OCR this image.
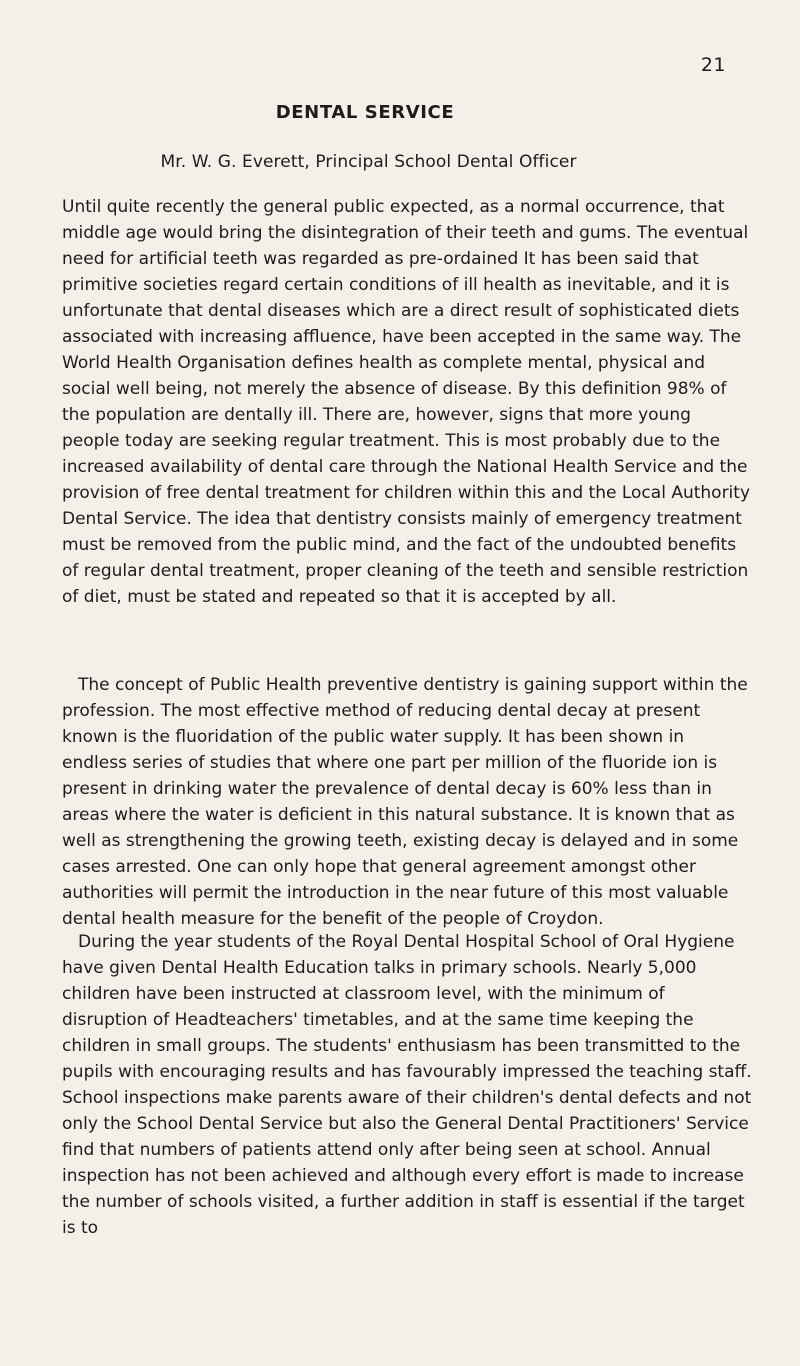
21
DENTAL SERVICE
Mr. W. G. Everett, Principal School Dental Officer

Until quite recently the general public expected, as a normal occurrence, that middle age would bring the disintegration of their teeth and gums. The eventual need for artificial teeth was regarded as pre-ordained It has been said that primitive societies regard certain conditions of ill health as inevitable, and it is unfortunate that dental diseases which are a direct result of sophisticated diets associated with increasing affluence, have been accepted in the same way. The World Health Organisation defines health as complete mental, physical and social well being, not merely the absence of disease. By this definition 98% of the population are dentally ill. There are, however, signs that more young people today are seeking regular treatment. This is most probably due to the increased availability of dental care through the National Health Service and the provision of free dental treatment for children within this and the Local Authority Dental Service. The idea that dentistry consists mainly of emergency treatment must be removed from the public mind, and the fact of the undoubted benefits of regular dental treatment, proper cleaning of the teeth and sensible restriction of diet, must be stated and repeated so that it is accepted by all.

The concept of Public Health preventive dentistry is gaining support within the profession. The most effective method of reducing dental decay at present known is the fluoridation of the public water supply. It has been shown in endless series of studies that where one part per million of the fluoride ion is present in drinking water the prevalence of dental decay is 60% less than in areas where the water is deficient in this natural substance. It is known that as well as strengthening the growing teeth, existing decay is delayed and in some cases arrested. One can only hope that general agreement amongst other authorities will permit the introduction in the near future of this most valuable dental health measure for the benefit of the people of Croydon.

During the year students of the Royal Dental Hospital School of Oral Hygiene have given Dental Health Education talks in primary schools. Nearly 5,000 children have been instructed at classroom level, with the minimum of disruption of Headteachers' timetables, and at the same time keeping the children in small groups. The students' enthusiasm has been transmitted to the pupils with encouraging results and has favourably impressed the teaching staff. School inspections make parents aware of their children's dental defects and not only the School Dental Service but also the General Dental Practitioners' Service find that numbers of patients attend only after being seen at school. Annual inspection has not been achieved and although every effort is made to increase the number of schools visited, a further addition in staff is essential if the target is to
